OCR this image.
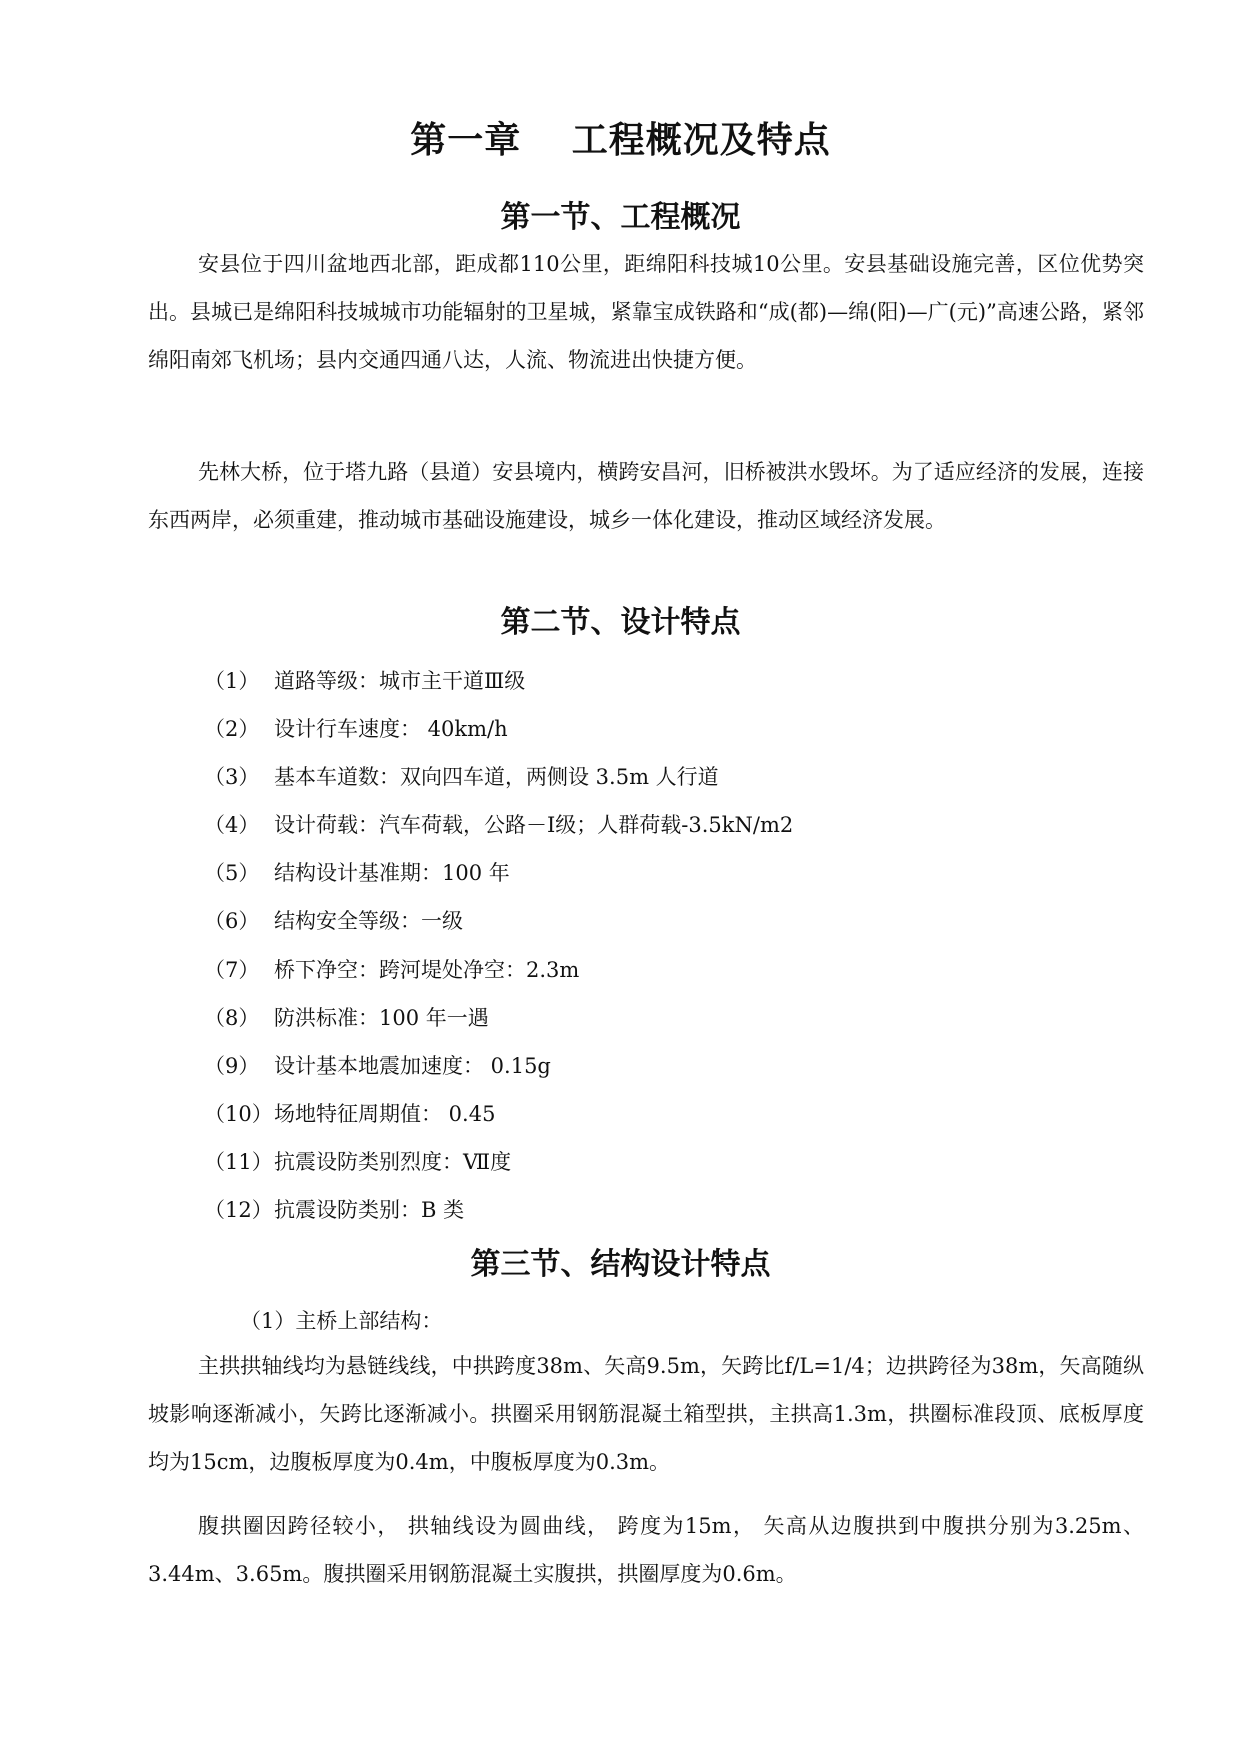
第一章　 工程概况及特点
第一节、工程概况

安县位于四川盆地西北部，距成都110公里，距绵阳科技城10公里。安县基础设施完善，区位优势突出。县城已是绵阳科技城城市功能辐射的卫星城，紧靠宝成铁路和“成(都)—绵(阳)—广(元)”高速公路，紧邻绵阳南郊飞机场；县内交通四通八达，人流、物流进出快捷方便。

先林大桥，位于塔九路（县道）安县境内，横跨安昌河，旧桥被洪水毁坏。为了适应经济的发展，连接东西两岸，必须重建，推动城市基础设施建设，城乡一体化建设，推动区域经济发展。

第二节、设计特点
（1） 道路等级：城市主干道Ⅲ级
（2） 设计行车速度： 40km/h
（3） 基本车道数：双向四车道，两侧设 3.5m 人行道
（4） 设计荷载：汽车荷载，公路－Ⅰ级；人群荷载-3.5kN/m2
（5） 结构设计基准期：100 年
（6） 结构安全等级：一级
（7） 桥下净空：跨河堤处净空：2.3m
（8） 防洪标准：100 年一遇
（9） 设计基本地震加速度： 0.15g
（10）场地特征周期值： 0.45
（11）抗震设防类别烈度：Ⅶ度
（12）抗震设防类别：B 类
第三节、结构设计特点
（1）主桥上部结构：

主拱拱轴线均为悬链线线，中拱跨度38m、矢高9.5m，矢跨比f/L=1/4；边拱跨径为38m，矢高随纵坡影响逐渐减小，矢跨比逐渐减小。拱圈采用钢筋混凝土箱型拱，主拱高1.3m，拱圈标准段顶、底板厚度均为15cm，边腹板厚度为0.4m，中腹板厚度为0.3m。

腹拱圈因跨径较小， 拱轴线设为圆曲线， 跨度为15m， 矢高从边腹拱到中腹拱分别为3.25m、3.44m、3.65m。腹拱圈采用钢筋混凝土实腹拱，拱圈厚度为0.6m。
